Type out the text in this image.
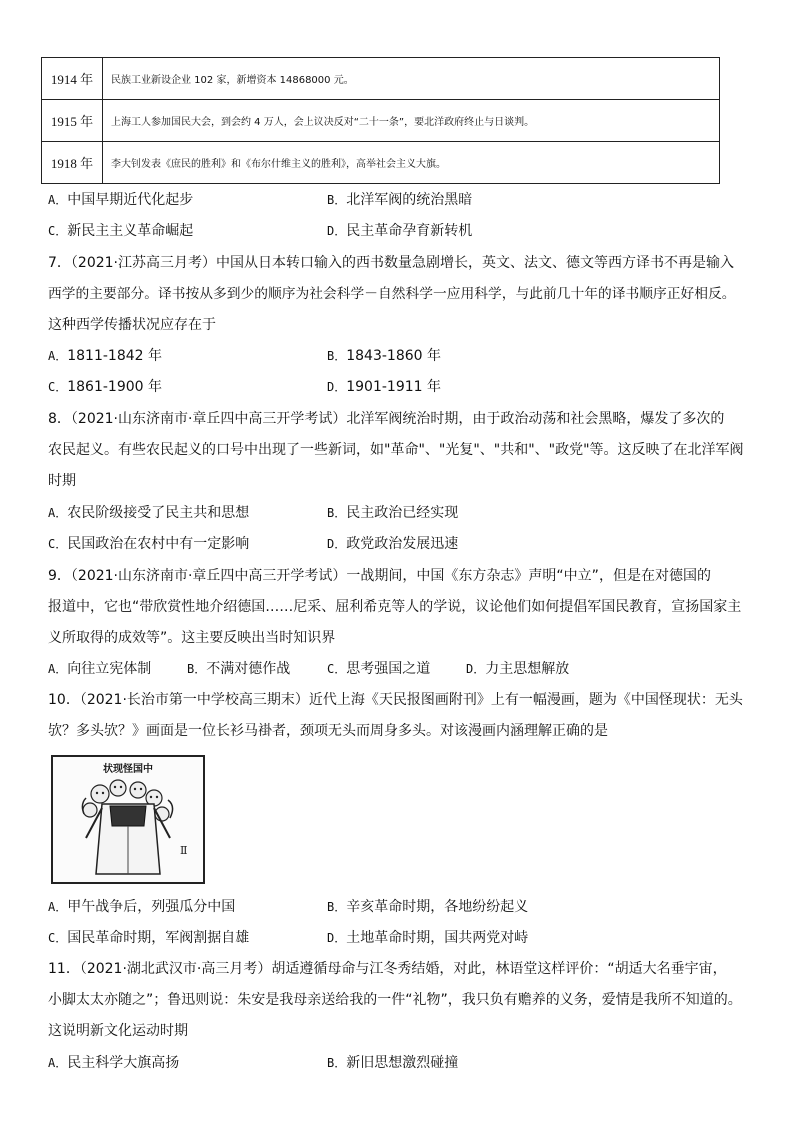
1914 年	民族工业新设企业 102 家，新增资本 14868000 元。
1915 年	上海工人参加国民大会，到会约 4 万人，会上议决反对“二十一条”，要北洋政府终止与日谈判。
1918 年	李大钊发表《庶民的胜利》和《布尔什维主义的胜利》，高举社会主义大旗。
A．中国早期近代化起步	B．北洋军阀的统治黑暗
C．新民主主义革命崛起	D．民主革命孕育新转机
7．（2021·江苏高三月考）中国从日本转口输入的西书数量急剧增长，英文、法文、德文等西方译书不再是输入
西学的主要部分。译书按从多到少的顺序为社会科学－自然科学一应用科学，与此前几十年的译书顺序正好相反。
这种西学传播状况应存在于
A．1811-1842 年	B．1843-1860 年
C．1861-1900 年	D．1901-1911 年
8．（2021·山东济南市·章丘四中高三开学考试）北洋军阀统治时期，由于政治动荡和社会黑略，爆发了多次的
农民起义。有些农民起义的口号中出现了一些新词，如"革命"、"光复"、"共和"、"政党"等。这反映了在北洋军阀
时期
A．农民阶级接受了民主共和思想	B．民主政治已经实现
C．民国政治在农村中有一定影响	D．政党政治发展迅速
9．（2021·山东济南市·章丘四中高三开学考试）一战期间，中国《东方杂志》声明“中立”，但是在对德国的
报道中，它也“带欣赏性地介绍德国……尼采、屈利希克等人的学说，议论他们如何提倡军国民教育，宣扬国家主
义所取得的成效等”。这主要反映出当时知识界
A．向往立宪体制	B．不满对德作战	C．思考强国之道	D．力主思想解放
10．（2021·长治市第一中学校高三期末）近代上海《天民报图画附刊》上有一幅漫画，题为《中国怪现状：无头
欤？多头欤？》画面是一位长衫马褂者，颈项无头而周身多头。对该漫画内涵理解正确的是
状现怪国中
Ⅱ
A．甲午战争后，列强瓜分中国	B．辛亥革命时期，各地纷纷起义
C．国民革命时期，军阀割据自雄	D．土地革命时期，国共两党对峙
11．（2021·湖北武汉市·高三月考）胡适遵循母命与江冬秀结婚，对此，林语堂这样评价：“胡适大名垂宇宙，
小脚太太亦随之”；鲁迅则说：朱安是我母亲送给我的一件“礼物”，我只负有赡养的义务，爱情是我所不知道的。
这说明新文化运动时期
A．民主科学大旗高扬	B．新旧思想激烈碰撞
